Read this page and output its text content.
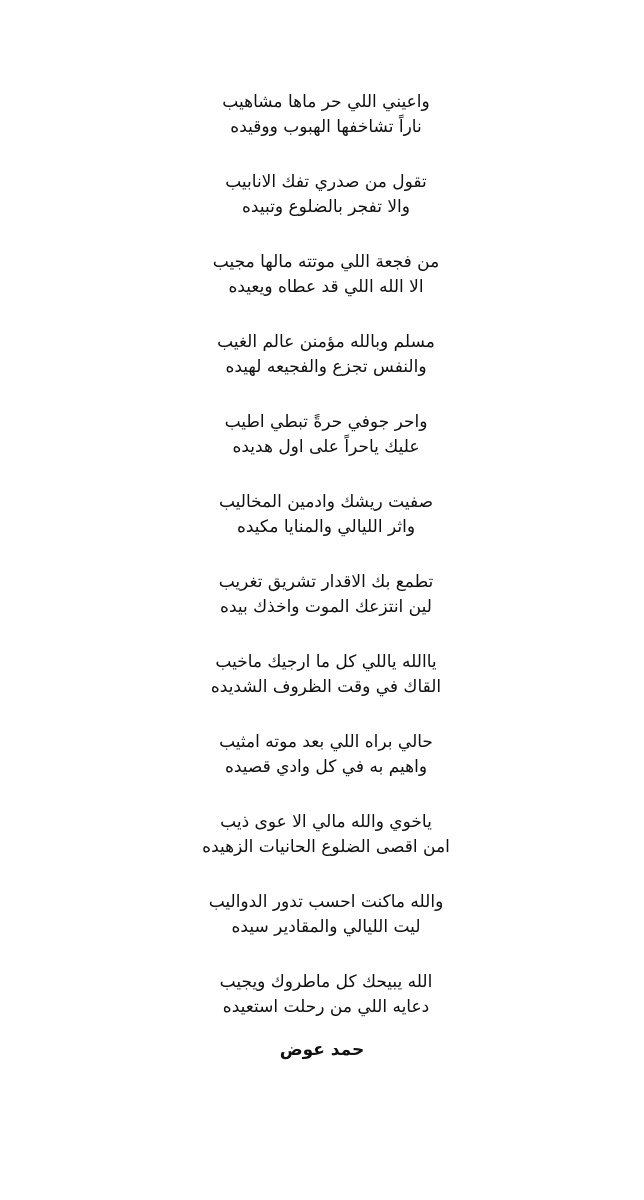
واعيني اللي حر ماها مشاهيب
ناراً تشاخفها الهبوب ووقيده
تقول من صدري تفك الانابيب
والا تفجر بالضلوع وتبيده
من فجعة اللي موتته مالها مجيب
الا الله اللي قد عطاه ويعيده
مسلم وبالله مؤمنن عالم الغيب
والنفس تجزع والفجيعه لهيده
واحر جوفي حرةً تبطي اطيب
عليك ياحراً على اول هديده
صفيت ريشك وادمين المخاليب
واثر الليالي والمنايا مكيده
تطمع بك الاقدار تشريق تغريب
لين انتزعك الموت واخذك بيده
ياالله ياللي كل ما ارجيك ماخيب
القاك في وقت الظروف الشديده
حالي براه اللي بعد موته امثيب
واهيم به في كل وادي قصيده
ياخوي والله مالي الا عوى ذيب
امن اقصى الضلوع الحانيات الزهيده
والله ماكنت احسب تدور الدواليب
ليت الليالي والمقادير سيده
الله يبيحك كل ماطروك ويجيب
دعايه اللي من رحلت استعيده
حمد عوض
